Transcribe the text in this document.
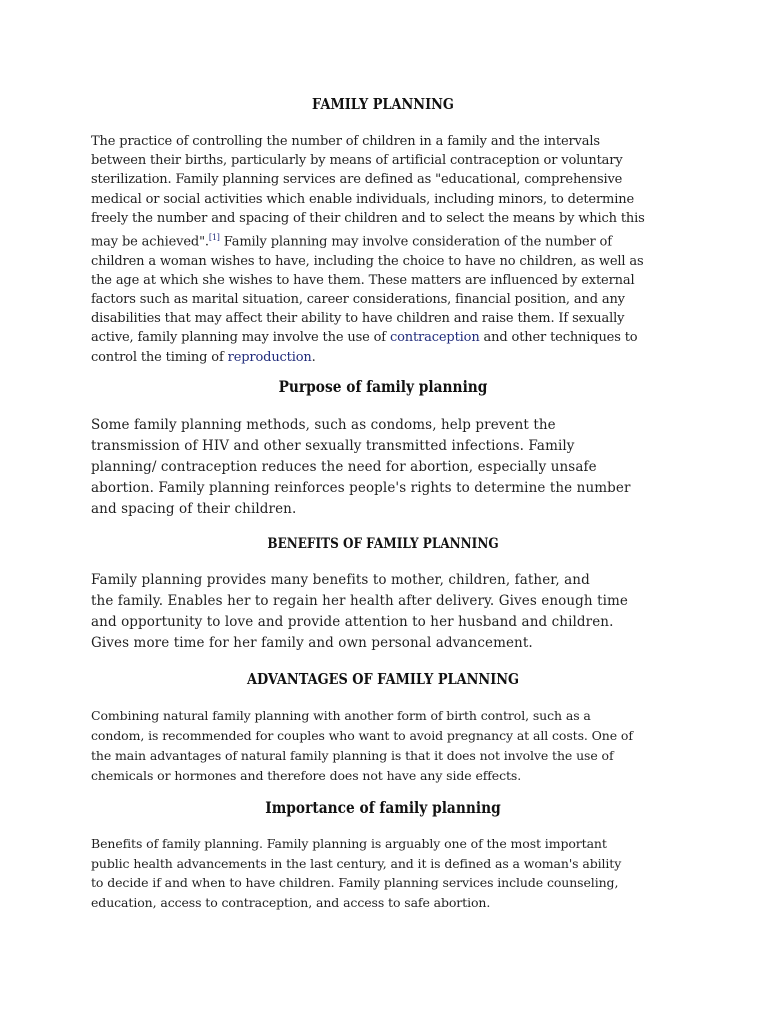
FAMILY PLANNING

The practice of controlling the number of children in a family and the intervals
between their births, particularly by means of artificial contraception or voluntary
sterilization. Family planning services are defined as "educational, comprehensive
medical or social activities which enable individuals, including minors, to determine
freely the number and spacing of their children and to select the means by which this
may be achieved".[1] Family planning may involve consideration of the number of
children a woman wishes to have, including the choice to have no children, as well as
the age at which she wishes to have them. These matters are influenced by external
factors such as marital situation, career considerations, financial position, and any
disabilities that may affect their ability to have children and raise them. If sexually
active, family planning may involve the use of contraception and other techniques to
control the timing of reproduction.

Purpose of family planning

Some family planning methods, such as condoms, help prevent the
transmission of HIV and other sexually transmitted infections. Family
planning/ contraception reduces the need for abortion, especially unsafe
abortion. Family planning reinforces people's rights to determine the number
and spacing of their children.

BENEFITS OF FAMILY PLANNING

Family planning provides many benefits to mother, children, father, and
the family. Enables her to regain her health after delivery. Gives enough time
and opportunity to love and provide attention to her husband and children.
Gives more time for her family and own personal advancement.

ADVANTAGES OF FAMILY PLANNING

Combining natural family planning with another form of birth control, such as a
condom, is recommended for couples who want to avoid pregnancy at all costs. One of
the main advantages of natural family planning is that it does not involve the use of
chemicals or hormones and therefore does not have any side effects.

Importance of family planning

Benefits of family planning. Family planning is arguably one of the most important
public health advancements in the last century, and it is defined as a woman's ability
to decide if and when to have children. Family planning services include counseling,
education, access to contraception, and access to safe abortion.
